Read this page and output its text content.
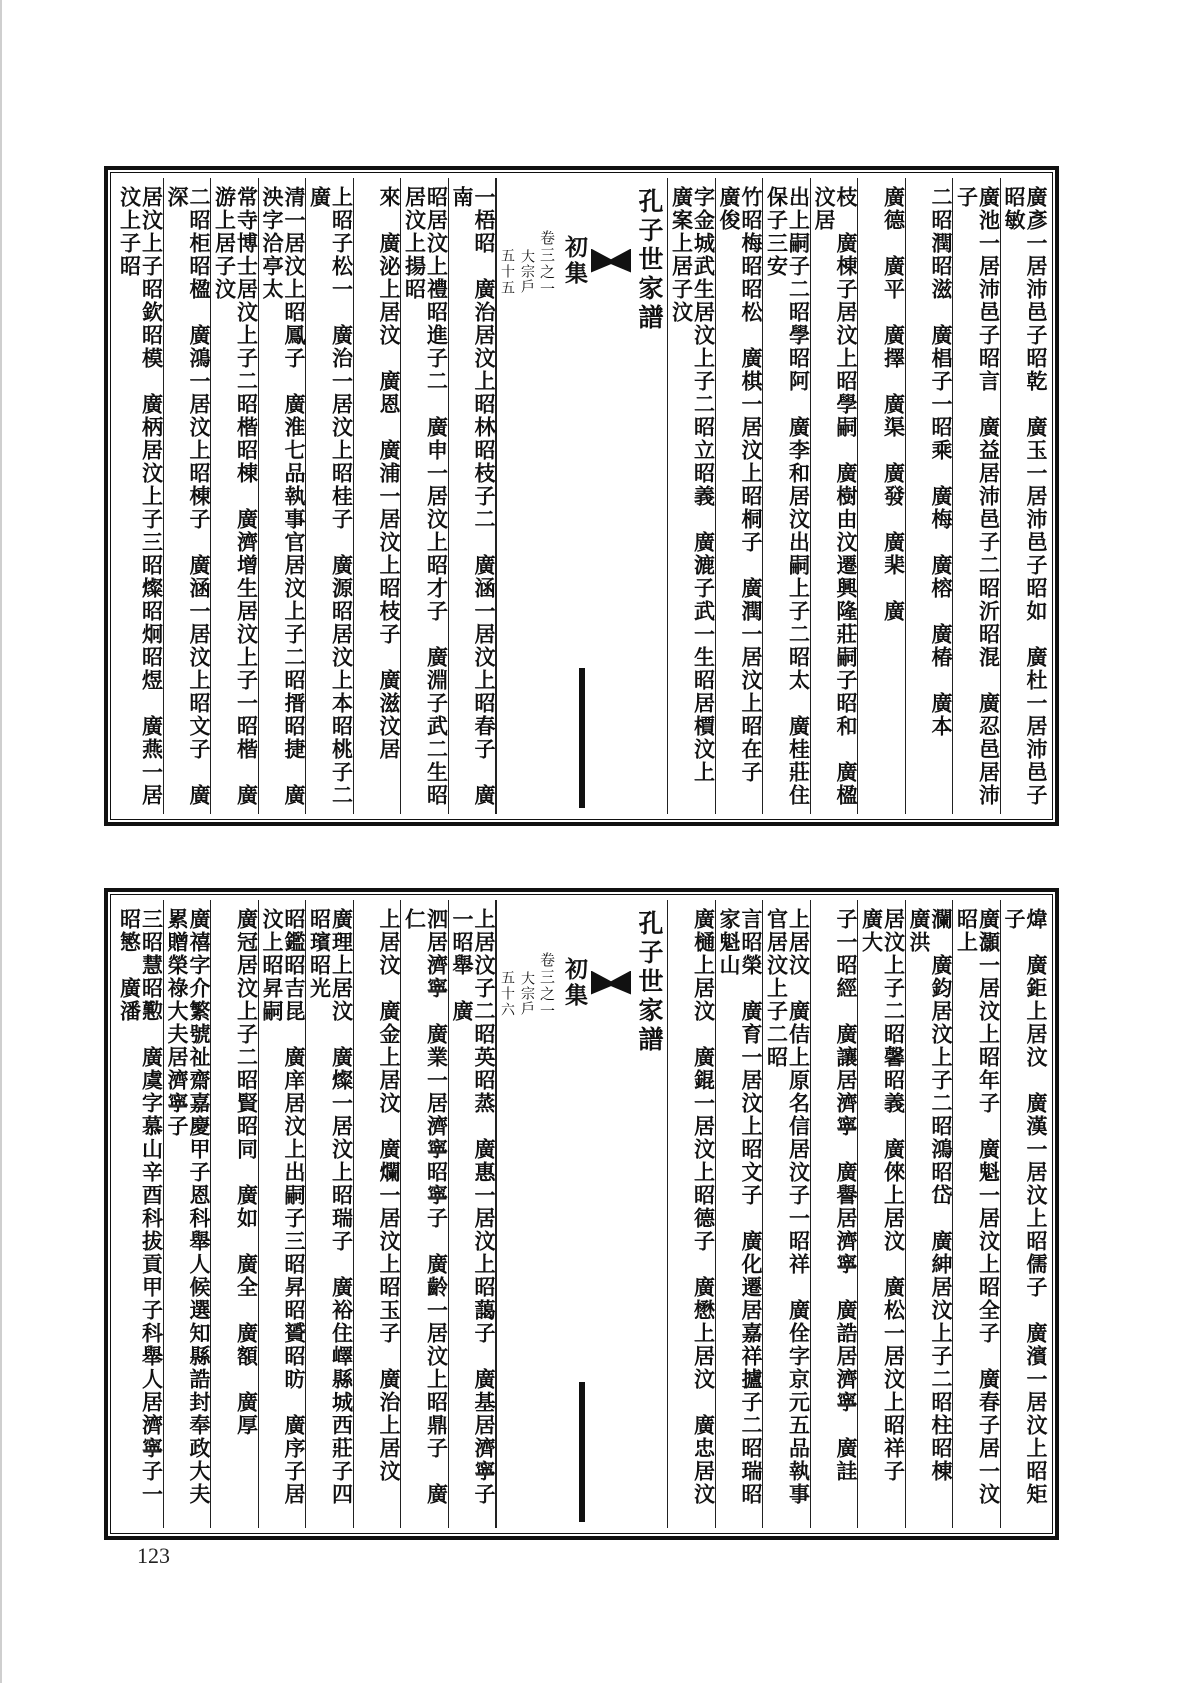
廣彥一居沛邑子昭乾　廣玉一居沛邑子昭如　廣杜一居沛邑子昭敏
廣池一居沛邑子昭言　廣益居沛邑子二昭沂昭混　廣忍邑居沛子
二昭潤昭滋　廣椙子一昭乘　廣梅　廣榕　廣椿　廣本
廣德　廣平　廣擇　廣渠　廣發　廣棐　廣
枝　廣棟子居汶上昭學嗣　廣樹由汶遷興隆莊嗣子昭和　廣楹汶居
出上嗣子二昭學昭阿　廣李和居汶出嗣上子二昭太　廣桂莊住保子三安
竹昭梅昭昭松　廣棋一居汶上昭桐子　廣潤一居汶上昭在子　廣俊
字金城武生居汶上子二昭立昭義　廣漉子武一生昭居檟汶上　廣案上居子汶
孔子世家譜
初集
卷三之一
大宗戶
五十五
一梧昭　廣治居汶上昭林昭枝子二　廣涵一居汶上昭春子　廣南
昭居汶上禮昭進子二　廣申一居汶上昭才子　廣淵子武二生昭居汶上揚昭
來　廣泌上居汶　廣恩　廣浦一居汶上昭枝子　廣滋汶居
上昭子松一　廣治一居汶上昭桂子　廣源昭居汶上本昭桃子二　廣
清一居汶上昭鳳子　廣淮七品執事官居汶上子二昭搢昭捷　廣泱字洽亭太
常寺博士居汶上子二昭楷昭棟　廣濟增生居汶上子一昭楷　廣游上居子汶
二昭柜昭楹　廣鴻一居汶上昭棟子　廣涵一居汶上昭文子　廣深
居汶上子昭欽昭模　廣柄居汶上子三昭燦昭炯昭煜　廣燕一居汶上子昭
煒　廣鉅上居汶　廣漢一居汶上昭儒子　廣濱一居汶上昭矩子
廣灝一居汶上昭年子　廣魁一居汶上昭全子　廣春子居一汶昭上
瀾　廣鈞居汶上子二昭鴻昭岱　廣紳居汶上子二昭柱昭棟　廣洪
居汶上子二昭馨昭義　廣倈上居汶　廣松一居汶上昭祥子　廣大
子一昭經　廣讓居濟寧　廣譽居濟寧　廣誥居濟寧　廣詿
上居汶　廣佶上原名信居汶子一昭祥　廣佺字京元五品執事官居汶上子二昭
言昭榮　廣育一居汶上昭文子　廣化遷居嘉祥攎子二昭瑞昭家魁山
廣樋上居汶　廣錕一居汶上昭德子　廣懋上居汶　廣忠居汶
孔子世家譜
初集
卷三之一
大宗戶
五十六
上居汶子二昭英昭蒸　廣惠一居汶上昭藹子　廣基居濟寧子一昭舉　廣
泗居濟寧　廣業一居濟寧昭寧子　廣齡一居汶上昭鼎子　廣仁
上居汶　廣金上居汶　廣爛一居汶上昭玉子　廣治上居汶
廣理上居汶　廣燦一居汶上昭瑞子　廣裕住嶧縣城西莊子四昭璸昭光
昭鑑昭吉昆　廣庠居汶上出嗣子三昭昇昭贇昭昉　廣序子居汶上昭昇嗣
廣冠居汶上子二昭賢昭同　廣如　廣全　廣額　廣厚
廣禧字介繁號祉齋嘉慶甲子恩科舉人候選知縣誥封奉政大夫累贈榮祿大夫居濟寧子
三昭慧昭懃　廣虞字慕山辛酉科拔貢甲子科舉人居濟寧子一昭慜　廣潘
123
